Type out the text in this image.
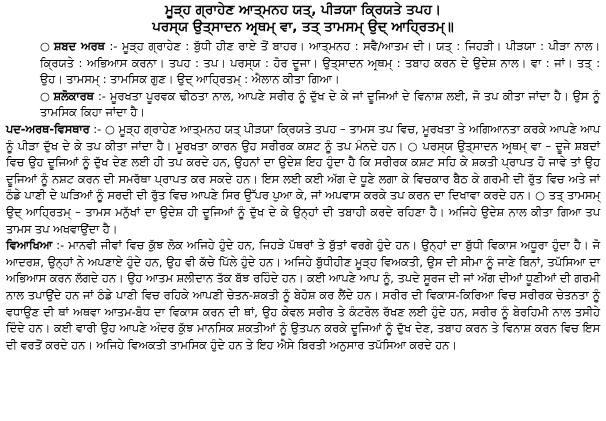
ਮੂੜ੍ਹ ਗ੍ਰਾਹੇਣ ਆਤ੍ਮਨਹ ਯਤ੍, ਪੀੜਯਾ ਕ੍ਰਿਯਤੇ ਤਪਹ।
ਪਰਸ੍ਯ ਉਤ੍ਸਾਦਨ ਅਰ੍ਥਮ੍ ਵਾ, ਤਤ੍ ਤਾਮਸਮ੍ ਉਦ੍ ਆਹ੍ਰਿਤਮ੍॥

○ ਸ਼ਬਦ ਅਰਥ :- ਮੂੜ੍ਹ ਗ੍ਰਾਹੇਣ : ਬੁੱਧੀ ਹੀਣ ਰਾਏ ਤੋਂ ਬਾਹਰ। ਆਤ੍ਮਨਹ : ਸਵੈ/ਆਤਮ ਦੀ। ਯਤ੍ : ਜਿਹੜੀ। ਪੀੜਯਾ : ਪੀੜਾ ਨਾਲ। ਕ੍ਰਿਯਤੇ : ਅਭਿਆਸ ਕਰਨਾ। ਤਪਹ : ਤਪ। ਪਰਸ੍ਯ : ਹੋਰ ਦੂਜਾ। ਉਤ੍ਸਾਦਨ ਅਰ੍ਥਮ੍ : ਤਬਾਹ ਕਰਨ ਦੇ ਉਦੇਸ਼ ਨਾਲ। ਵਾ : ਜਾਂ। ਤਤ੍ : ਉਹ। ਤਾਮਸਮ੍ : ਤਾਮਸਿਕ ਗੁਣ। ਉਦ੍ ਆਹ੍ਰਿਤਮ੍ : ਐਲਾਨ ਕੀਤਾ ਗਿਆ।

○ ਸ਼ਲੋਕਾਰਥ :- ਮੂਰਖਤਾ ਪੂਰਵਕ ਢੀਠਤਾ ਨਾਲ, ਆਪਣੇ ਸਰੀਰ ਨੂੰ ਦੁੱਖ ਦੇ ਕੇ ਜਾਂ ਦੂਜਿਆਂ ਦੇ ਵਿਨਾਸ਼ ਲਈ, ਜੋ ਤਪ ਕੀਤਾ ਜਾਂਦਾ ਹੈ। ਉਸ ਨੂੰ ਤਾਮਸਿਕ ਕਿਹਾ ਜਾਂਦਾ ਹੈ।

ਪਦ-ਅਰਥ-ਵਿਸਥਾਰ :- ○ ਮੂੜ੍ਹ ਗ੍ਰਾਹੇਣ ਆਤ੍ਮਨਹ ਯਤ੍ ਪੀੜਯਾ ਕ੍ਰਿਯਤੇ ਤਪਹ – ਤਾਮਸ ਤਪ ਵਿਚ, ਮੂਰਖਤਾ ਤੇ ਅਗਿਆਨਤਾ ਕਰਕੇ ਆਪਣੇ ਆਪ ਨੂੰ ਪੀੜਾ ਦੁੱਖ ਦੇ ਕੇ ਤਪ ਕੀਤਾ ਜਾਂਦਾ ਹੈ। ਮੂਰਖਤਾ ਕਾਰਨ ਉਹ ਸਰੀਰਕ ਕਸ਼ਟ ਨੂੰ ਤਪ ਮੰਨਦੇ ਹਨ। ○ ਪਰਸ੍ਯ ਉਤ੍ਸਾਦਨ ਅਰ੍ਥਮ੍ ਵਾ – ਦੂਜੇ ਸ਼ਬਦਾਂ ਵਿਚ ਉਹ ਦੂਜਿਆਂ ਨੂੰ ਦੁੱਖ ਦੇਣ ਲਈ ਹੀ ਤਪ ਕਰਦੇ ਹਨ, ਉਹਨਾਂ ਦਾ ਉਦੇਸ਼ ਇਹ ਹੁੰਦਾ ਹੈ ਕਿ ਸਰੀਰਕ ਕਸ਼ਟ ਸਹਿ ਕੇ ਸ਼ਕਤੀ ਪ੍ਰਾਪਤ ਹੋ ਜਾਵੇ ਤਾਂ ਉਹ ਦੂਜਿਆਂ ਨੂੰ ਨਸ਼ਟ ਕਰਨ ਦੀ ਸਮਰੱਥਾ ਪ੍ਰਾਪਤ ਕਰ ਸਕਦੇ ਹਨ। ਇਸ ਲਈ ਕਈ ਅੱਗ ਦੇ ਧੂਣੇ ਲਗਾ ਕੇ ਵਿਚਕਾਰ ਬੈਠ ਕੇ ਗਰਮੀ ਦੀ ਰੁੱਤ ਵਿਚ ਅਤੇ ਜਾਂ ਠੰਡੇ ਪਾਣੀ ਦੇ ਘੜਿਆਂ ਨੂੰ ਸਰਦੀ ਦੀ ਰੁੱਤ ਵਿਚ ਆਪਣੇ ਸਿਰ ਉੱਪਰ ਪੁਆ ਕੇ, ਜਾਂ ਅਪਵਾਸ ਕਰਕੇ ਤਪ ਕਰਨ ਦਾ ਦਿਖਾਵਾ ਕਰਦੇ ਹਨ। ○ ਤਤ੍ ਤਾਮਸਮ੍ ਉਦ੍ ਆਹ੍ਰਿਤਮ੍ – ਤਾਮਸ ਮਨੁੱਖਾਂ ਦਾ ਉਦੇਸ਼ ਹੀ ਦੂਜਿਆਂ ਨੂੰ ਦੁੱਖ ਦੇ ਕੇ ਉਨ੍ਹਾਂ ਦੀ ਤਬਾਹੀ ਕਰਦੇ ਰਹਿਣਾ ਹੈ। ਅਜਿਹੇ ਉਦੇਸ਼ ਨਾਲ ਕੀਤਾ ਗਿਆ ਤਪ ਤਾਮਸ ਤਪ ਅਖਵਾਉਂਦਾ ਹੈ।

ਵਿਆਖਿਆ :- ਮਾਨਵੀ ਜੀਵਾਂ ਵਿਚ ਕੁੱਝ ਲੋਕ ਅਜਿਹੇ ਹੁੰਦੇ ਹਨ, ਜਿਹੜੇ ਪੱਥਰਾਂ ਤੇ ਬੁੱਤਾਂ ਵਰਗੇ ਹੁੰਦੇ ਹਨ। ਉਨ੍ਹਾਂ ਦਾ ਬੁੱਧੀ ਵਿਕਾਸ ਅਧੂਰਾ ਹੁੰਦਾ ਹੈ। ਜੋ ਆਦਰਸ਼, ਉਨ੍ਹਾਂ ਨੇ ਅਪਣਾਏ ਹੁੰਦੇ ਹਨ, ਉਹ ਵੀ ਕੱਚੇ ਪਿੱਲੇ ਹੁੰਦੇ ਹਨ। ਅਜਿਹੇ ਬੁੱਧੀਹੀਣ ਮੂੜ੍ਹ ਵਿਅਕਤੀ, ਉਸ ਦੀ ਸੀਮਾ ਨੂੰ ਜਾਣੇ ਬਿਨਾਂ, ਤਪੱਸਿਆ ਦਾ ਅਭਿਆਸ ਕਰਨ ਲੱਗਦੇ ਹਨ। ਉਹ ਆਤਮ ਸ਼ਲੀਦਾਨ ਤੱਕ ਬੱਝ ਰਹਿੰਦੇ ਹਨ। ਕਈ ਆਪਣੇ ਆਪ ਨੂੰ, ਤਪਦੇ ਸੂਰਜ ਦੀ ਜਾਂ ਅੱਗ ਦੀਆਂ ਧੂਣੀਆਂ ਦੀ ਗਰਮੀ ਨਾਲ ਤਪਾਉਂਦੇ ਹਨ ਜਾਂ ਠੰਡੇ ਪਾਣੀ ਵਿਚ ਰਹਿਕੇ ਆਪਣੀ ਚੇਤਨ-ਸ਼ਕਤੀ ਨੂੰ ਬੇਹੋਸ਼ ਕਰ ਲੈਂਦੇ ਹਨ। ਸਰੀਰ ਦੀ ਵਿਕਾਸ-ਕਿਰਿਆ ਵਿਚ ਸਰੀਰਕ ਚੇਤਨਤਾ ਨੂੰ ਵਧਾਉਣ ਦੀ ਥਾਂ ਅਥਵਾ ਆਤਮ-ਬੋਧ ਦਾ ਵਿਕਾਸ ਕਰਨ ਦੀ ਥਾਂ, ਉਹ ਕੇਵਲ ਸਰੀਰ ਤੇ ਕੰਟਰੋਲ ਰੱਖਣ ਲਈ ਹੁੰਦੇ ਹਨ, ਸਰੀਰ ਨੂੰ ਬੇਰਹਿਮੀ ਨਾਲ ਤਸੀਹੇ ਦਿੰਦੇ ਹਨ। ਕਈ ਵਾਰੀ ਉਹ ਆਪਣੇ ਅੰਦਰ ਕੁੱਝ ਮਾਨਸਿਕ ਸ਼ਕਤੀਆਂ ਨੂੰ ਉਤਪਨ ਕਰਕੇ ਦੂਜਿਆਂ ਨੂੰ ਦੁੱਖ ਦੇਣ, ਤਬਾਹ ਕਰਨ ਤੇ ਵਿਨਾਸ਼ ਕਰਨ ਵਿਚ ਇਸ ਦੀ ਵਰਤੋਂ ਕਰਦੇ ਹਨ। ਅਜਿਹੇ ਵਿਅਕਤੀ ਤਾਮਸਿਕ ਹੁੰਦੇ ਹਨ ਤੇ ਇਹ ਐਸੇ ਬਿਰਤੀ ਅਨੁਸਾਰ ਤਪੱਸਿਆ ਕਰਦੇ ਹਨ।
